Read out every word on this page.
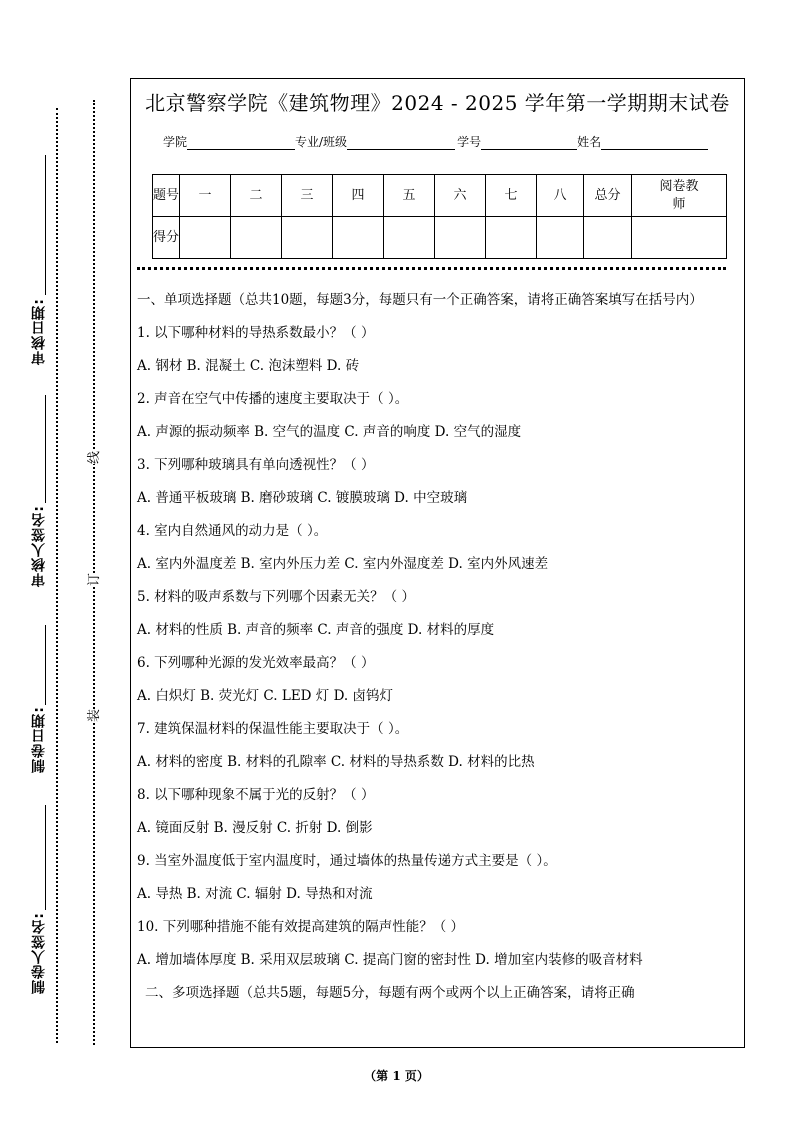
审核日期:
审核人签名:
制卷日期:
制卷人签名:
线
订
装
北京警察学院《建筑物理》2024 - 2025 学年第一学期期末试卷
学院	专业/班级	学号	姓名
题号	一	二	三	四	五	六	七	八	总分	阅卷教师
得分										

一、单项选择题（总共10题，每题3分，每题只有一个正确答案，请将正确答案填写在括号内）

1. 以下哪种材料的导热系数最小？（ ）

A. 钢材 B. 混凝土 C. 泡沫塑料 D. 砖

2. 声音在空气中传播的速度主要取决于（ ）。

A. 声源的振动频率 B. 空气的温度 C. 声音的响度 D. 空气的湿度

3. 下列哪种玻璃具有单向透视性？（ ）

A. 普通平板玻璃 B. 磨砂玻璃 C. 镀膜玻璃 D. 中空玻璃

4. 室内自然通风的动力是（ ）。

A. 室内外温度差 B. 室内外压力差 C. 室内外湿度差 D. 室内外风速差

5. 材料的吸声系数与下列哪个因素无关？（ ）

A. 材料的性质 B. 声音的频率 C. 声音的强度 D. 材料的厚度

6. 下列哪种光源的发光效率最高？（ ）

A. 白炽灯 B. 荧光灯 C. LED 灯 D. 卤钨灯

7. 建筑保温材料的保温性能主要取决于（ ）。

A. 材料的密度 B. 材料的孔隙率 C. 材料的导热系数 D. 材料的比热

8. 以下哪种现象不属于光的反射？（ ）

A. 镜面反射 B. 漫反射 C. 折射 D. 倒影

9. 当室外温度低于室内温度时，通过墙体的热量传递方式主要是（ ）。

A. 导热 B. 对流 C. 辐射 D. 导热和对流

10. 下列哪种措施不能有效提高建筑的隔声性能？（ ）

A. 增加墙体厚度 B. 采用双层玻璃 C. 提高门窗的密封性 D. 增加室内装修的吸音材料

二、多项选择题（总共5题，每题5分，每题有两个或两个以上正确答案，请将正确

（第 1 页）
